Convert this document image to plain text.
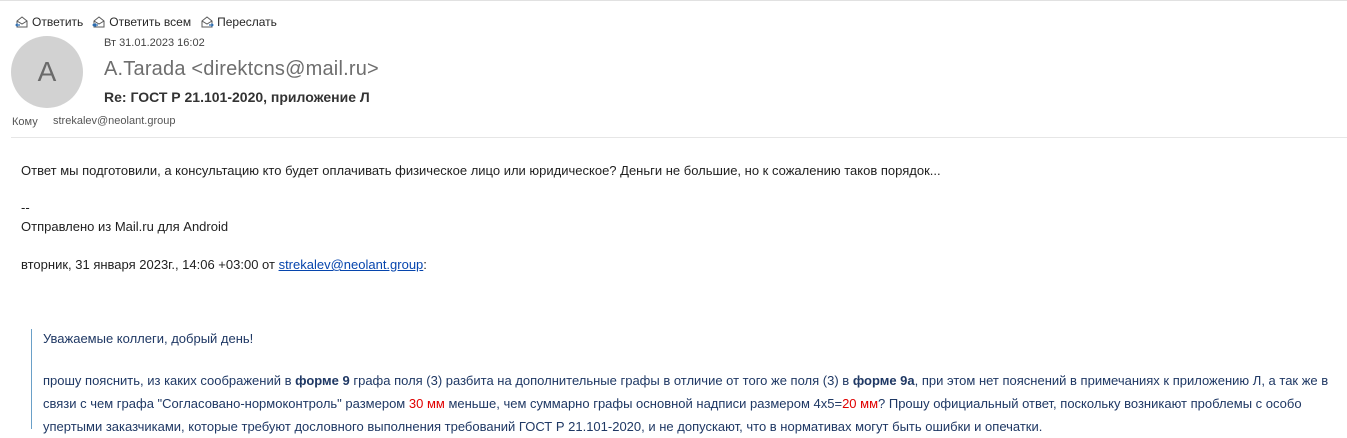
Ответить Ответить всем Переслать
A
Вт 31.01.2023 16:02
A.Tarada <direktcns@mail.ru>
Re: ГОСТ Р 21.101-2020, приложение Л
Кому strekalev@neolant.group
Ответ мы подготовили, а консультацию кто будет оплачивать физическое лицо или юридическое? Деньги не большие, но к сожалению таков порядок...
--
Отправлено из Mail.ru для Android
вторник, 31 января 2023г., 14:06 +03:00 от strekalev@neolant.group:
Уважаемые коллеги, добрый день!
прошу пояснить, из каких соображений в форме 9 графа поля (3) разбита на дополнительные графы в отличие от того же поля (3) в форме 9а, при этом нет пояснений в примечаниях к приложению Л, а так же в связи с чем графа "Согласовано-нормоконтроль" размером 30 мм меньше, чем суммарно графы основной надписи размером 4х5=20 мм? Прошу официальный ответ, поскольку возникают проблемы с особо упертыми заказчиками, которые требуют дословного выполнения требований ГОСТ Р 21.101-2020, и не допускают, что в нормативах могут быть ошибки и опечатки.
